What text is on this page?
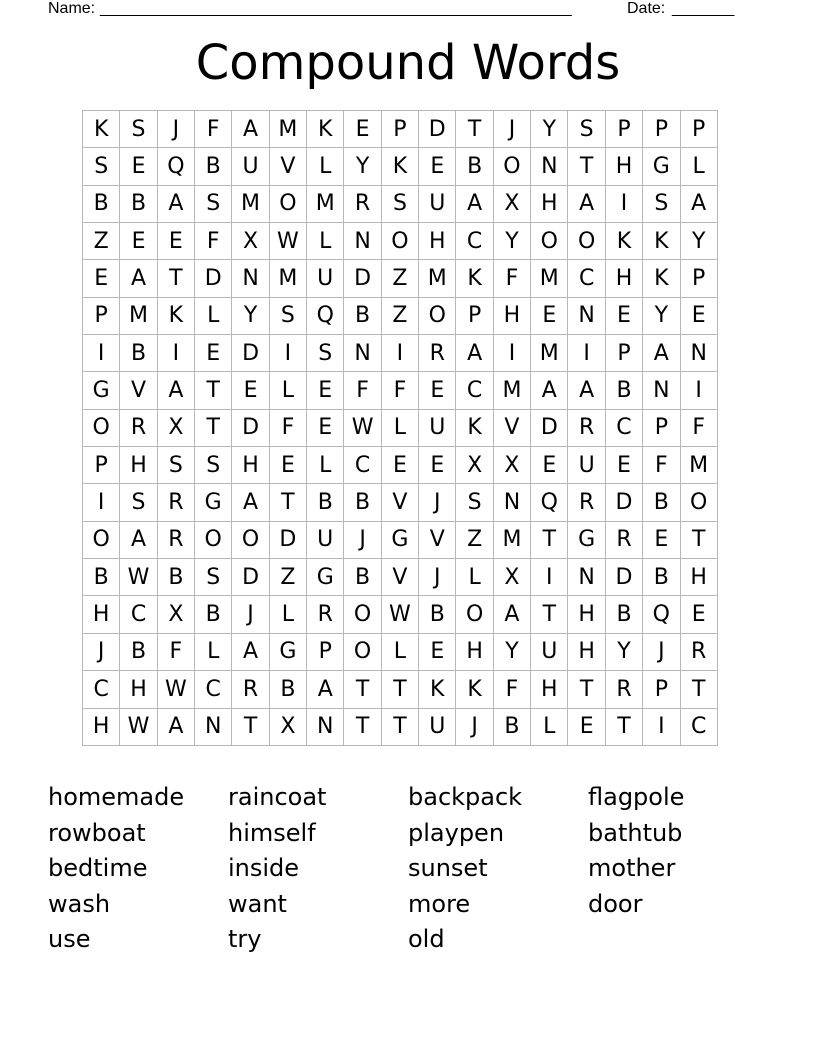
Name: _____________________________________________________	Date: _______
Compound Words
K	S	J	F	A	M	K	E	P	D	T	J	Y	S	P	P	P
S	E	Q	B	U	V	L	Y	K	E	B	O	N	T	H	G	L
B	B	A	S	M	O	M	R	S	U	A	X	H	A	I	S	A
Z	E	E	F	X	W	L	N	O	H	C	Y	O	O	K	K	Y
E	A	T	D	N	M	U	D	Z	M	K	F	M	C	H	K	P
P	M	K	L	Y	S	Q	B	Z	O	P	H	E	N	E	Y	E
I	B	I	E	D	I	S	N	I	R	A	I	M	I	P	A	N
G	V	A	T	E	L	E	F	F	E	C	M	A	A	B	N	I
O	R	X	T	D	F	E	W	L	U	K	V	D	R	C	P	F
P	H	S	S	H	E	L	C	E	E	X	X	E	U	E	F	M
I	S	R	G	A	T	B	B	V	J	S	N	Q	R	D	B	O
O	A	R	O	O	D	U	J	G	V	Z	M	T	G	R	E	T
B	W	B	S	D	Z	G	B	V	J	L	X	I	N	D	B	H
H	C	X	B	J	L	R	O	W	B	O	A	T	H	B	Q	E
J	B	F	L	A	G	P	O	L	E	H	Y	U	H	Y	J	R
C	H	W	C	R	B	A	T	T	K	K	F	H	T	R	P	T
H	W	A	N	T	X	N	T	T	U	J	B	L	E	T	I	C
homemade
rowboat
bedtime
wash
use
raincoat
himself
inside
want
try
backpack
playpen
sunset
more
old
flagpole
bathtub
mother
door
